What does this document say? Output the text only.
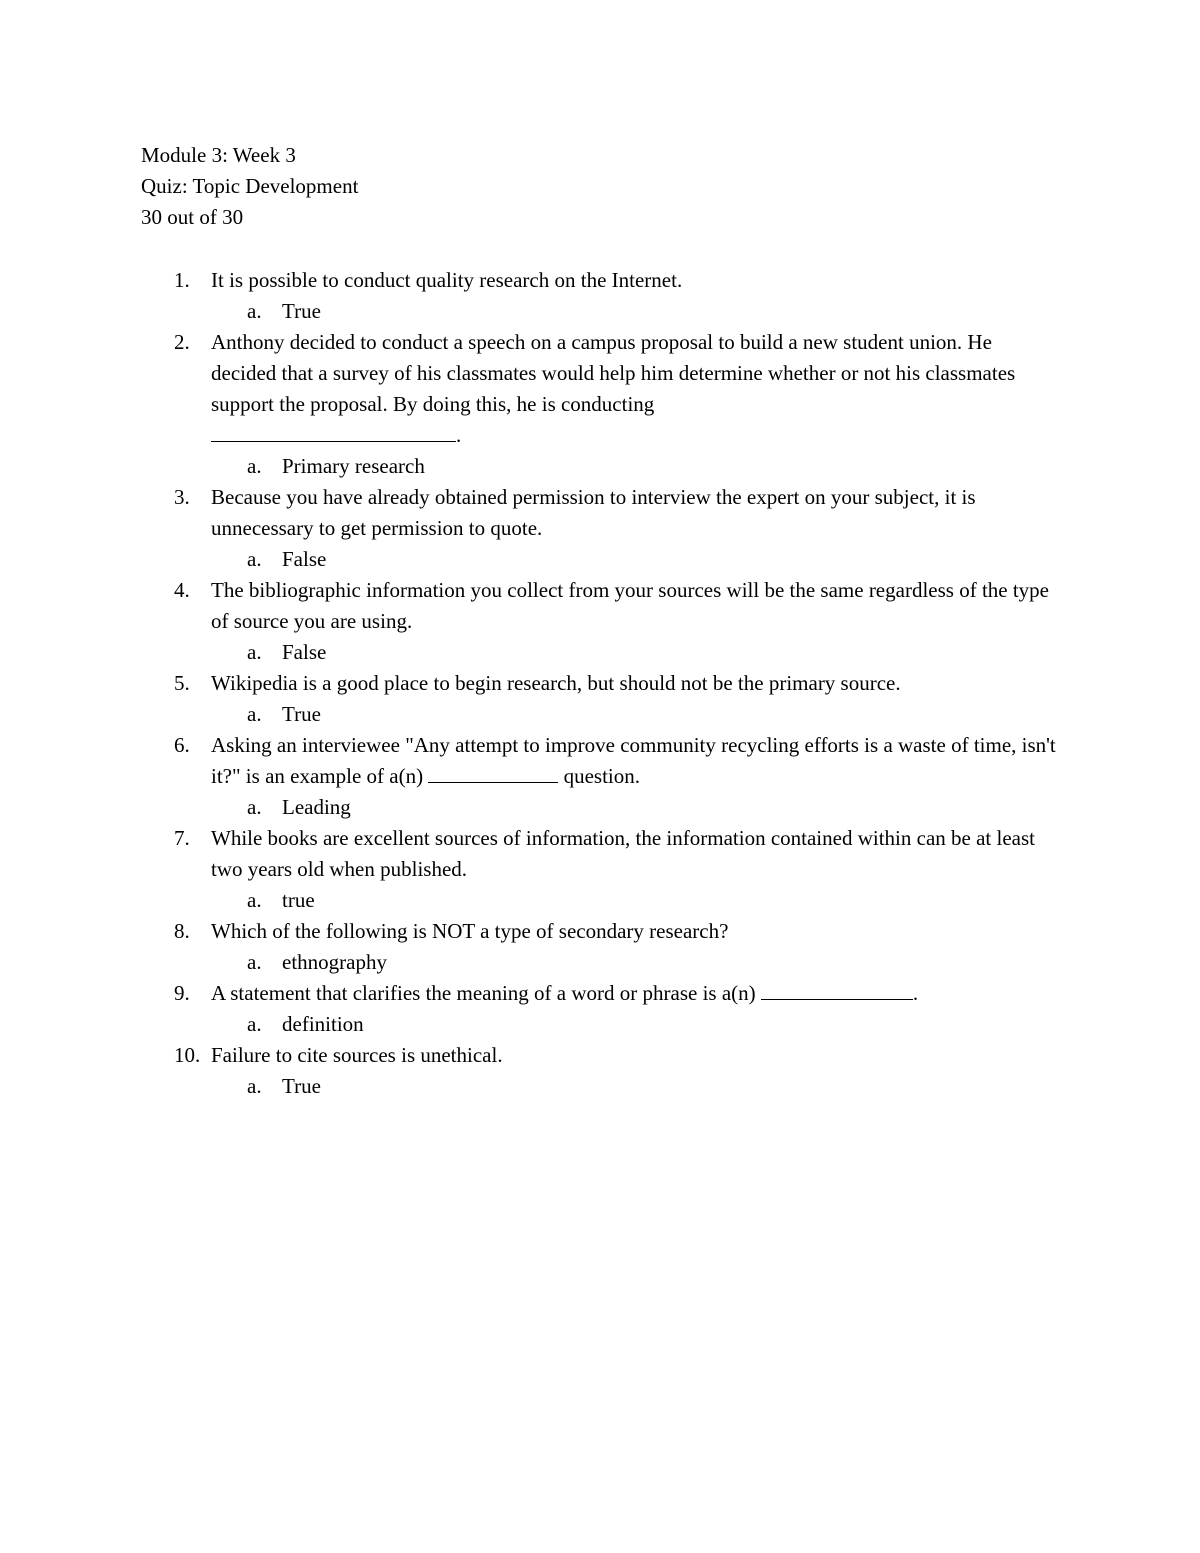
Module 3: Week 3
Quiz: Topic Development
30 out of 30
1.	It is possible to conduct quality research on the Internet.
a. True
2.	Anthony decided to conduct a speech on a campus proposal to build a new student union. He decided that a survey of his classmates would help him determine whether or not his classmates support the proposal. By doing this, he is conducting
.
a. Primary research
3.	Because you have already obtained permission to interview the expert on your subject, it is unnecessary to get permission to quote.
a. False
4.	The bibliographic information you collect from your sources will be the same regardless of the type of source you are using.
a. False
5.	Wikipedia is a good place to begin research, but should not be the primary source.
a. True
6.	Asking an interviewee "Any attempt to improve community recycling efforts is a waste of time, isn't it?" is an example of a(n)	question.
a. Leading
7.	While books are excellent sources of information, the information contained within can be at least two years old when published.
a. true
8.	Which of the following is NOT a type of secondary research?
a. ethnography
9.	A statement that clarifies the meaning of a word or phrase is a(n)	.
a. definition
10. Failure to cite sources is unethical.
a. True
